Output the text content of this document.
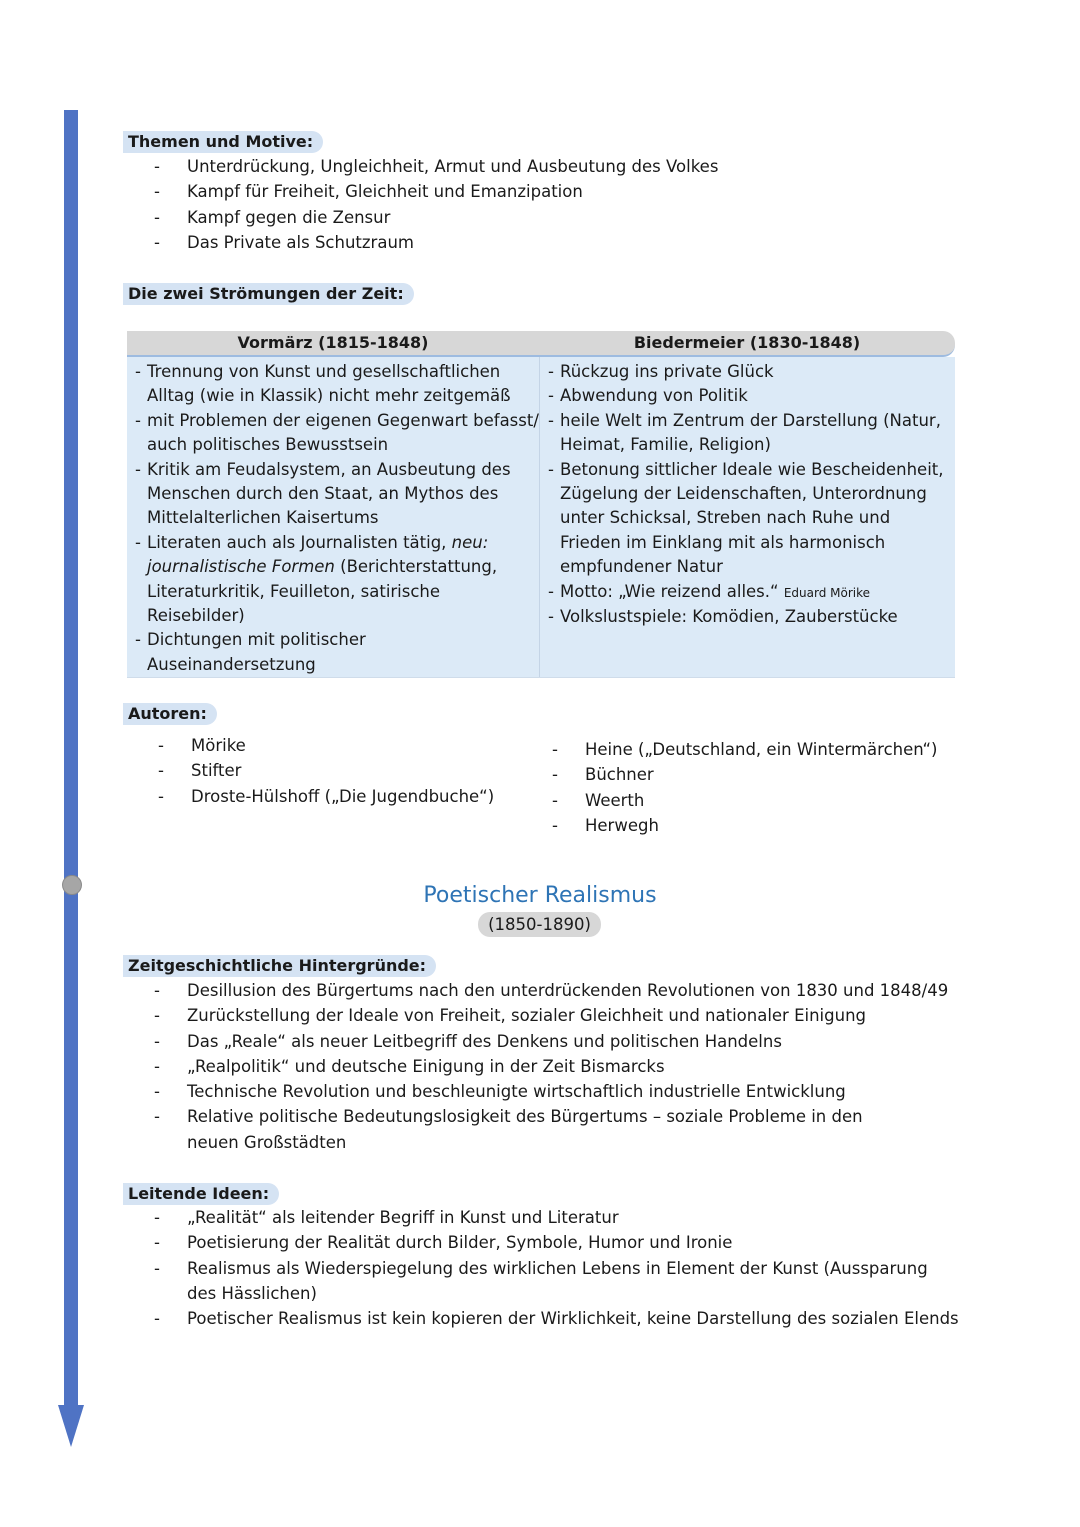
Themen und Motive:
- Unterdrückung, Ungleichheit, Armut und Ausbeutung des Volkes
- Kampf für Freiheit, Gleichheit und Emanzipation
- Kampf gegen die Zensur
- Das Private als Schutzraum
Die zwei Strömungen der Zeit:
Vormärz (1815-1848)	Biedermeier (1830-1848)
- Trennung von Kunst und gesellschaftlichen Alltag (wie in Klassik) nicht mehr zeitgemäß
- mit Problemen der eigenen Gegenwart befasst/ auch politisches Bewusstsein
- Kritik am Feudalsystem, an Ausbeutung des Menschen durch den Staat, an Mythos des Mittelalterlichen Kaisertums
- Literaten auch als Journalisten tätig, neu: journalistische Formen (Berichterstattung, Literaturkritik, Feuilleton, satirische Reisebilder)
- Dichtungen mit politischer Auseinandersetzung
- Rückzug ins private Glück
- Abwendung von Politik
- heile Welt im Zentrum der Darstellung (Natur, Heimat, Familie, Religion)
- Betonung sittlicher Ideale wie Bescheidenheit, Zügelung der Leidenschaften, Unterordnung unter Schicksal, Streben nach Ruhe und Frieden im Einklang mit als harmonisch empfundener Natur
- Motto: „Wie reizend alles.“ Eduard Mörike
- Volkslustspiele: Komödien, Zauberstücke
Autoren:
- Mörike
- Stifter
- Droste-Hülshoff („Die Jugendbuche“)
- Heine („Deutschland, ein Wintermärchen“)
- Büchner
- Weerth
- Herwegh
Poetischer Realismus
(1850-1890)
Zeitgeschichtliche Hintergründe:
- Desillusion des Bürgertums nach den unterdrückenden Revolutionen von 1830 und 1848/49
- Zurückstellung der Ideale von Freiheit, sozialer Gleichheit und nationaler Einigung
- Das „Reale“ als neuer Leitbegriff des Denkens und politischen Handelns
- „Realpolitik“ und deutsche Einigung in der Zeit Bismarcks
- Technische Revolution und beschleunigte wirtschaftlich industrielle Entwicklung
- Relative politische Bedeutungslosigkeit des Bürgertums – soziale Probleme in den neuen Großstädten
Leitende Ideen:
- „Realität“ als leitender Begriff in Kunst und Literatur
- Poetisierung der Realität durch Bilder, Symbole, Humor und Ironie
- Realismus als Wiederspiegelung des wirklichen Lebens in Element der Kunst (Aussparung des Hässlichen)
- Poetischer Realismus ist kein kopieren der Wirklichkeit, keine Darstellung des sozialen Elends
